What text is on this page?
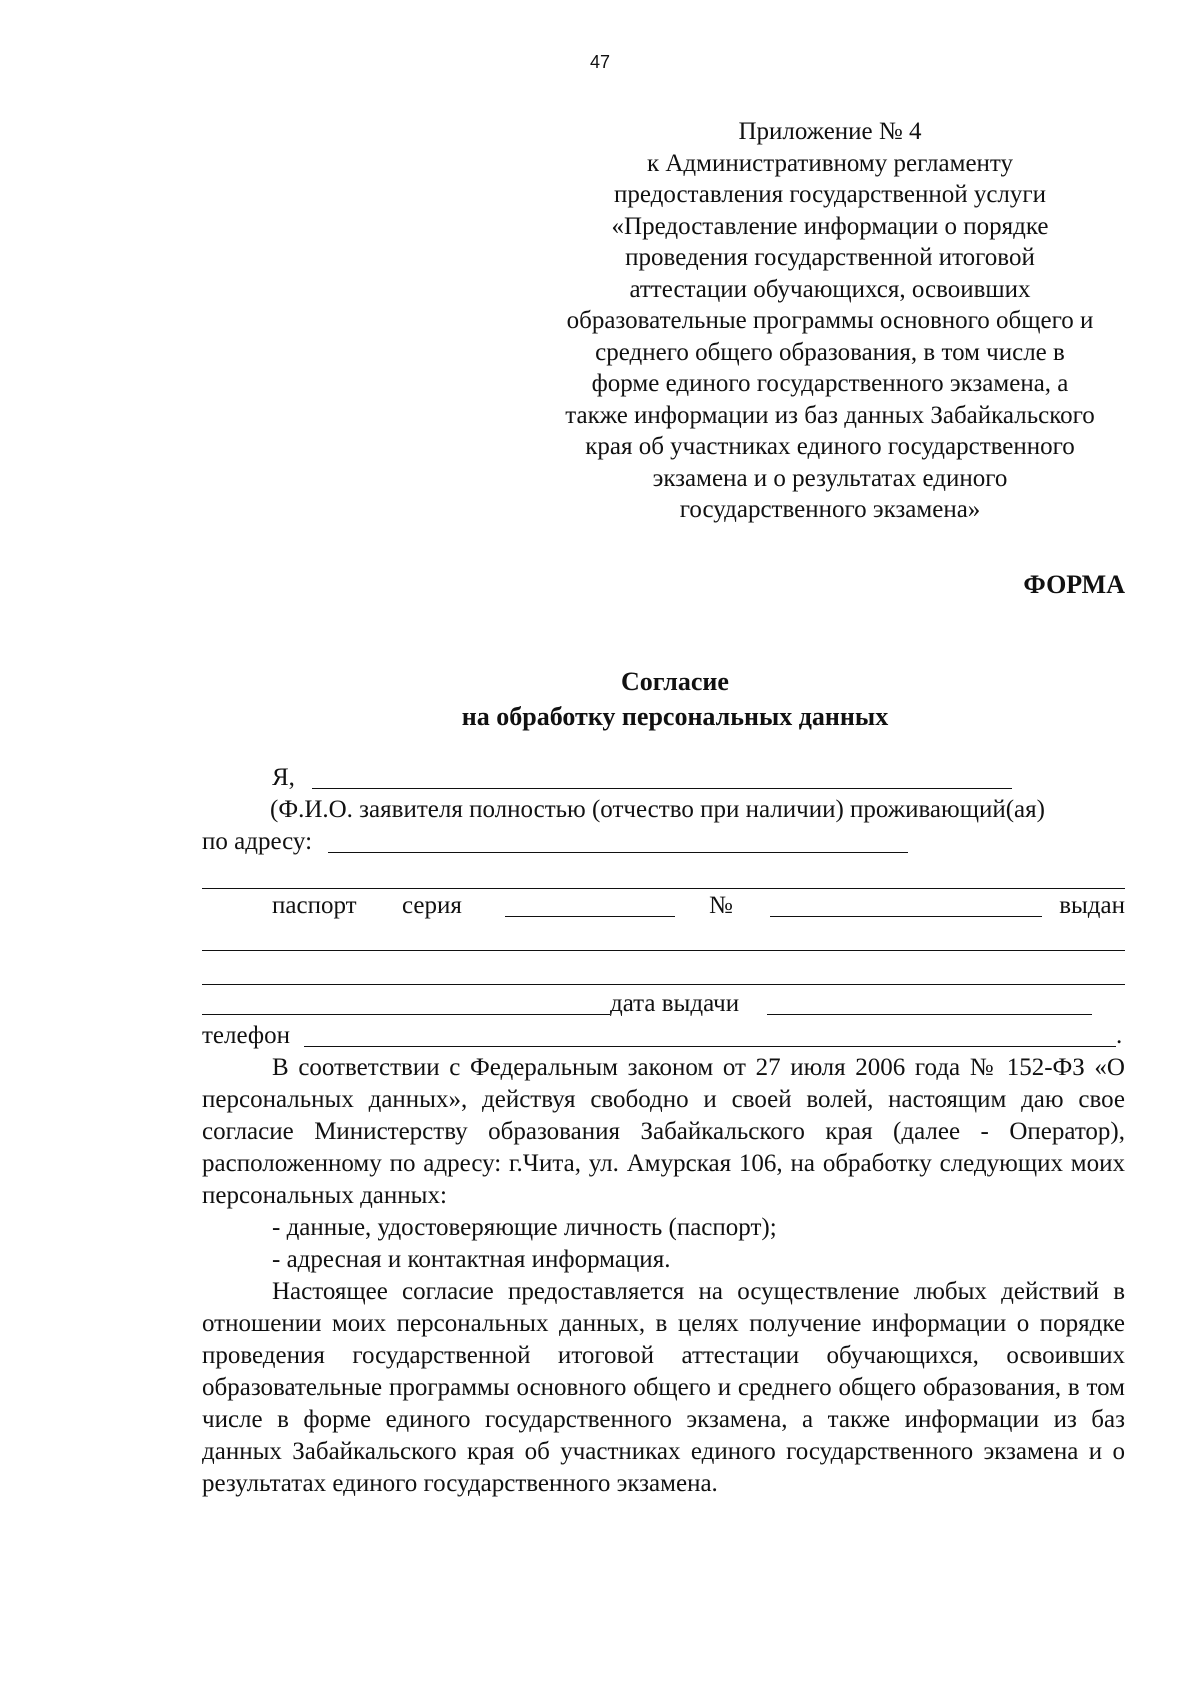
47
Приложение № 4
к Административному регламенту
предоставления государственной услуги
«Предоставление информации о порядке
проведения государственной итоговой
аттестации обучающихся, освоивших
образовательные программы основного общего и
среднего общего образования, в том числе в
форме единого государственного экзамена, а
также информации из баз данных Забайкальского
края об участниках единого государственного
экзамена и о результатах единого
государственного экзамена»
ФОРМА
Согласие
на обработку персональных данных
Я,
(Ф.И.О. заявителя полностью (отчество при наличии) проживающий(ая)
по адресу:
паспорт серия	№	выдан
дата выдачи
телефон	.

В соответствии с Федеральным законом от 27 июля 2006 года № 152-ФЗ «О персональных данных», действуя свободно и своей волей, настоящим даю свое согласие Министерству образования Забайкальского края (далее - Оператор), расположенному по адресу: г.Чита, ул. Амурская 106, на обработку следующих моих персональных данных:

- данные, удостоверяющие личность (паспорт);

- адресная и контактная информация.

Настоящее согласие предоставляется на осуществление любых действий в отношении моих персональных данных, в целях получение информации о порядке проведения государственной итоговой аттестации обучающихся, освоивших образовательные программы основного общего и среднего общего образования, в том числе в форме единого государственного экзамена, а также информации из баз данных Забайкальского края об участниках единого государственного экзамена и о результатах единого государственного экзамена.
